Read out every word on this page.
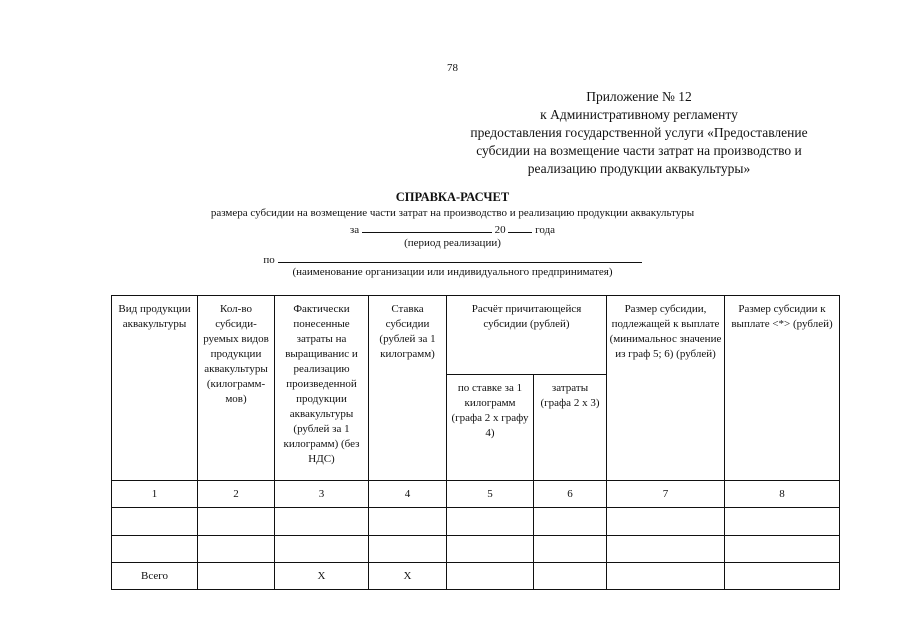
78
Приложение № 12
к Административному регламенту
предоставления государственной услуги «Предоставление
субсидии на возмещение части затрат на производство и
реализацию продукции аквакультуры»
СПРАВКА-РАСЧЕТ
размера субсидии на возмещение части затрат на производство и реализацию продукции аквакультуры
за	20	года
(период реализации)
по
(наименование организации или индивидуального предприниматея)
Вид продукции аквакультуры	Кол-во субсиди-руемых видов продукции аквакультуры (килограмм-мов)	Фактически понесенные затраты на выращиванис и реализацию произведенной продукции аквакультуры (рублей за 1 килограмм) (без НДС)	Ставка субсидии (рублей за 1 килограмм)	Расчёт причитающейся субсидии (рублей)		Размер субсидии, подлежащей к выплате (минимальнос значение из граф 5; 6) (рублей)	Размер субсидии к выплате <*> (рублей)
				по ставке за 1 килограмм (графа 2 х графу 4)	затраты (графа 2 х 3)		
1	2	3	4	5	6	7	8

Всего		X	X				
